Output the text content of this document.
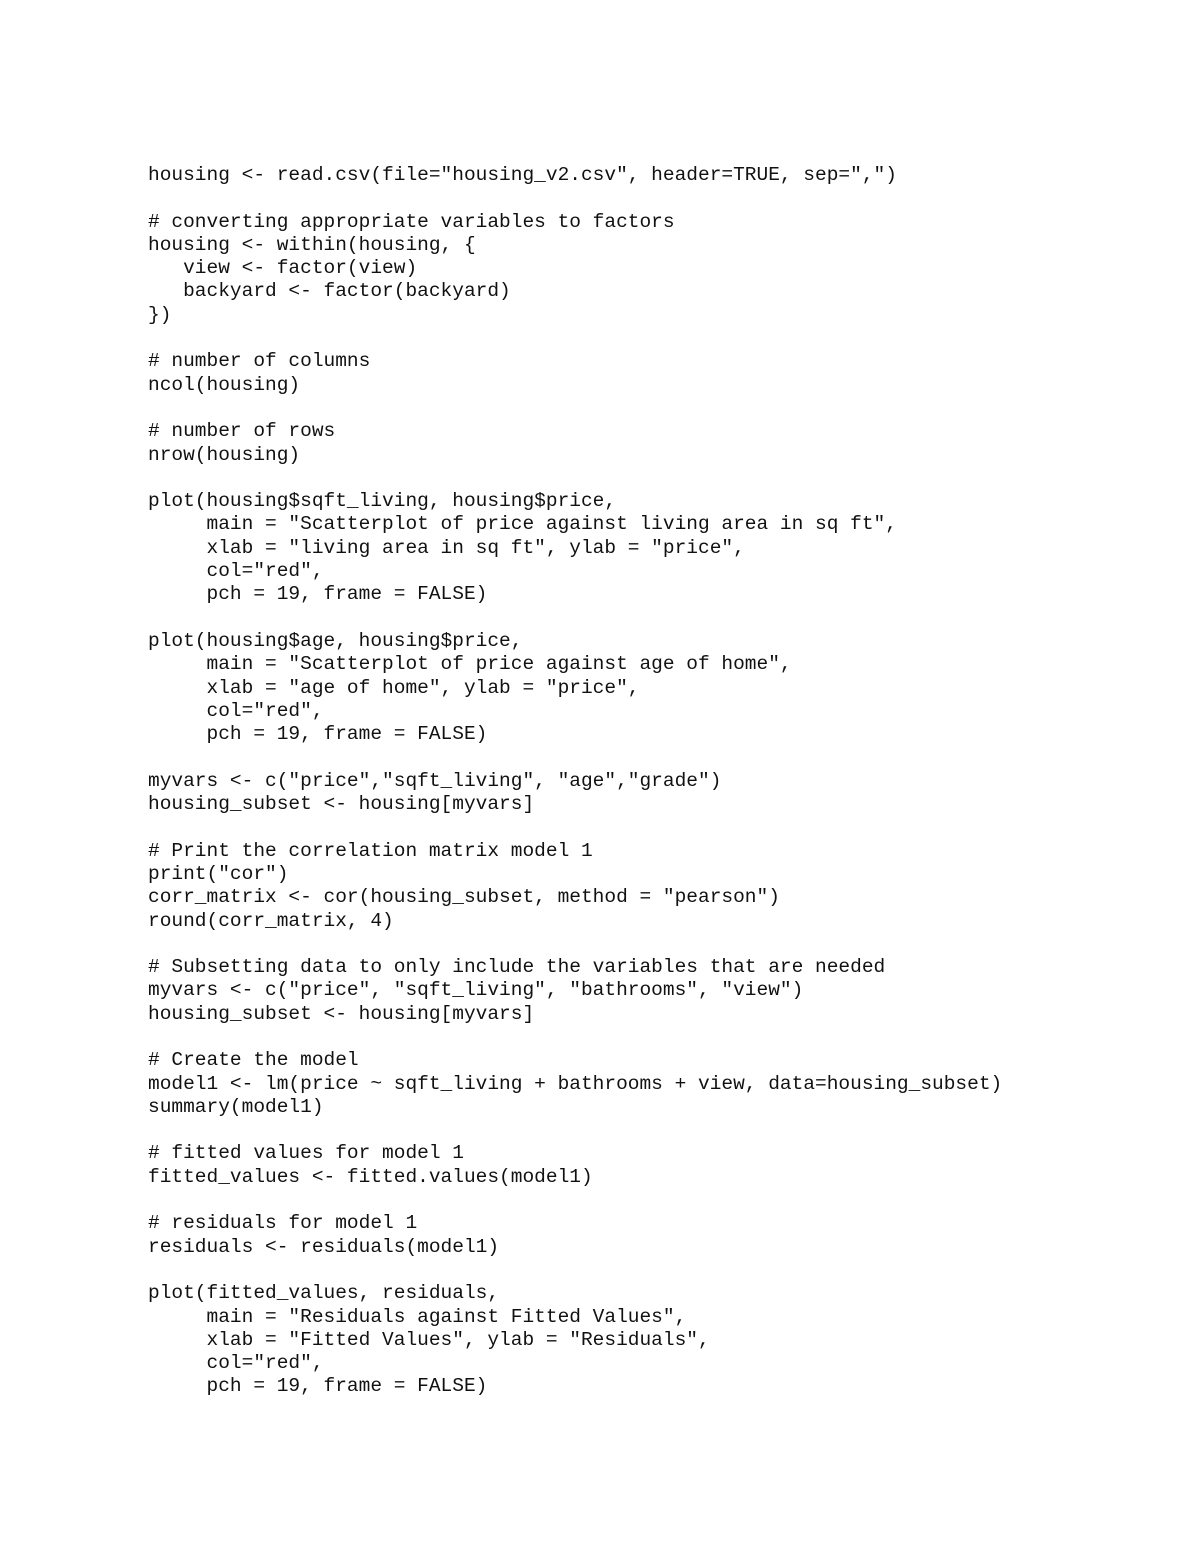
housing <- read.csv(file="housing_v2.csv", header=TRUE, sep=",")
# converting appropriate variables to factors
housing <- within(housing, {
view <- factor(view)
backyard <- factor(backyard)
})
# number of columns
ncol(housing)
# number of rows
nrow(housing)
plot(housing$sqft_living, housing$price,
main = "Scatterplot of price against living area in sq ft",
xlab = "living area in sq ft", ylab = "price",
col="red",
pch = 19, frame = FALSE)
plot(housing$age, housing$price,
main = "Scatterplot of price against age of home",
xlab = "age of home", ylab = "price",
col="red",
pch = 19, frame = FALSE)
myvars <- c("price","sqft_living", "age","grade")
housing_subset <- housing[myvars]
# Print the correlation matrix model 1
print("cor")
corr_matrix <- cor(housing_subset, method = "pearson")
round(corr_matrix, 4)
# Subsetting data to only include the variables that are needed
myvars <- c("price", "sqft_living", "bathrooms", "view")
housing_subset <- housing[myvars]
# Create the model
model1 <- lm(price ~ sqft_living + bathrooms + view, data=housing_subset)
summary(model1)
# fitted values for model 1
fitted_values <- fitted.values(model1)
# residuals for model 1
residuals <- residuals(model1)
plot(fitted_values, residuals,
main = "Residuals against Fitted Values",
xlab = "Fitted Values", ylab = "Residuals",
col="red",
pch = 19, frame = FALSE)
